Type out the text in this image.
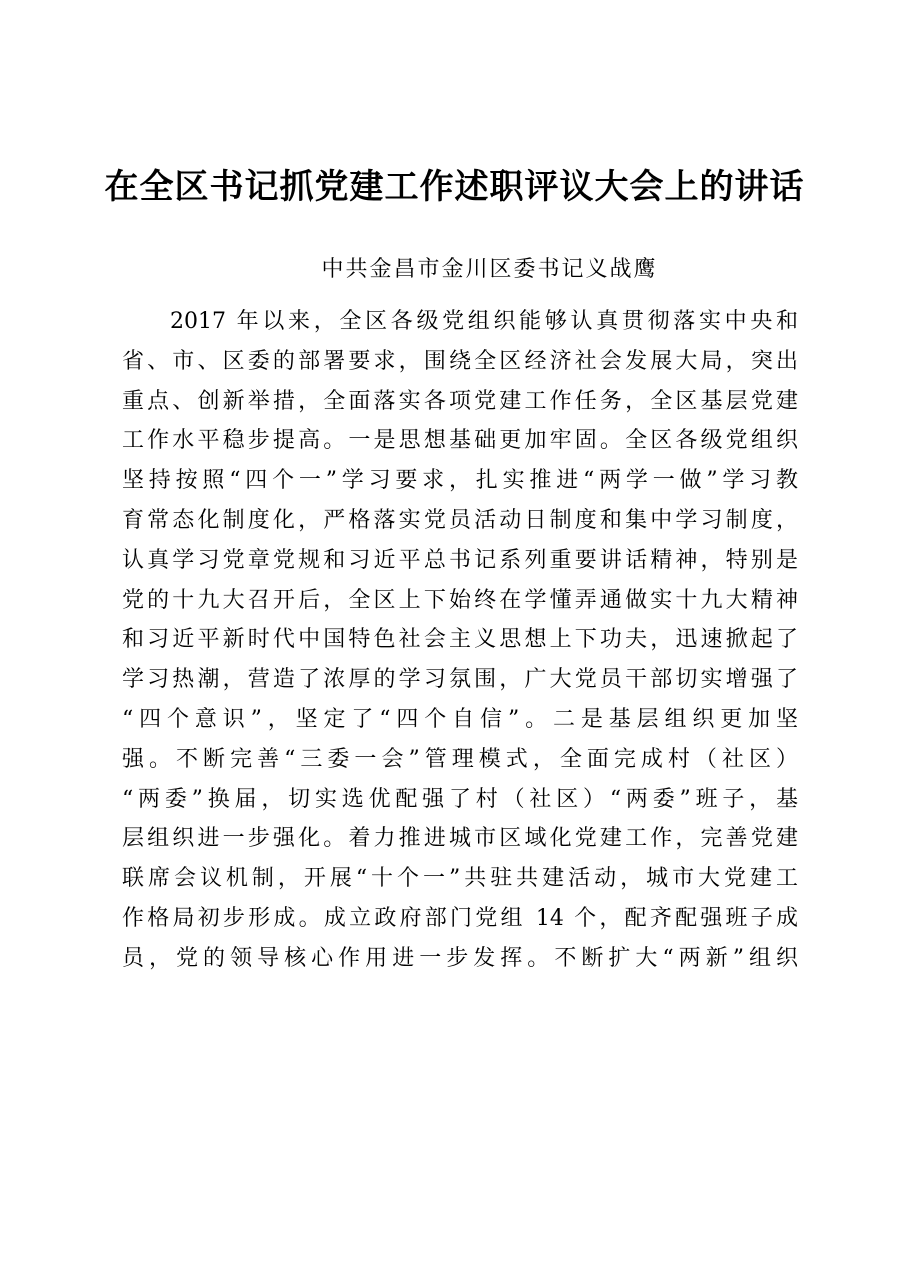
在全区书记抓党建工作述职评议大会上的讲话
中共金昌市金川区委书记义战鹰
2017 年以来，全区各级党组织能够认真贯彻落实中央和
省、市、区委的部署要求，围绕全区经济社会发展大局，突出
重点、创新举措，全面落实各项党建工作任务，全区基层党建
工作水平稳步提高。一是思想基础更加牢固。全区各级党组织
坚持按照“四个一”学习要求，扎实推进“两学一做”学习教
育常态化制度化，严格落实党员活动日制度和集中学习制度，
认真学习党章党规和习近平总书记系列重要讲话精神，特别是
党的十九大召开后，全区上下始终在学懂弄通做实十九大精神
和习近平新时代中国特色社会主义思想上下功夫，迅速掀起了
学习热潮，营造了浓厚的学习氛围，广大党员干部切实增强了
“四个意识”，坚定了“四个自信”。二是基层组织更加坚
强。不断完善“三委一会”管理模式，全面完成村（社区）
“两委”换届，切实选优配强了村（社区）“两委”班子，基
层组织进一步强化。着力推进城市区域化党建工作，完善党建
联席会议机制，开展“十个一”共驻共建活动，城市大党建工
作格局初步形成。成立政府部门党组 14 个，配齐配强班子成
员，党的领导核心作用进一步发挥。不断扩大“两新”组织
